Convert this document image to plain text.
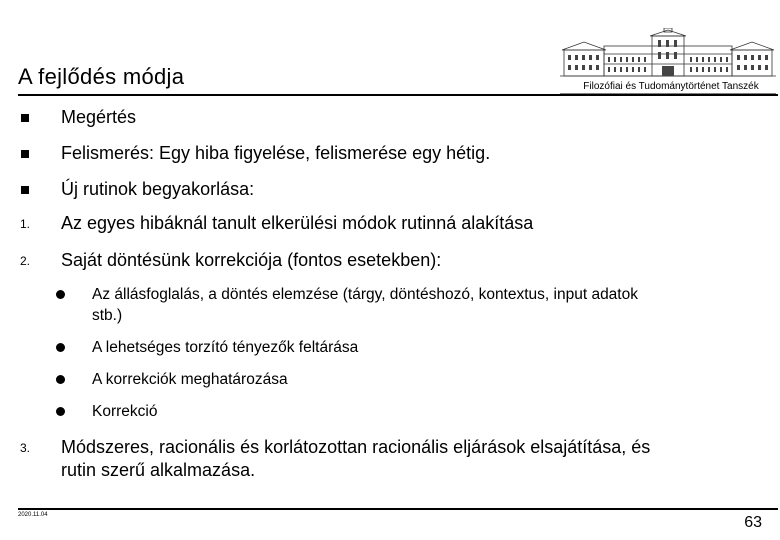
A fejlődés módja	Filozófiai és Tudománytörténet Tanszék
Megértés
Felismerés: Egy hiba figyelése, felismerése egy hétig.
Új rutinok begyakorlása:
1. Az egyes hibáknál tanult elkerülési módok rutinná alakítása
2. Saját döntésünk korrekciója (fontos esetekben):
Az állásfoglalás, a döntés elemzése (tárgy, döntéshozó, kontextus, input adatok
stb.)
A lehetséges torzító tényezők feltárása
A korrekciók meghatározása
Korrekció
3. Módszeres, racionális és korlátozottan racionális eljárások elsajátítása, és
rutin szerű alkalmazása.
2020.11.04	63
